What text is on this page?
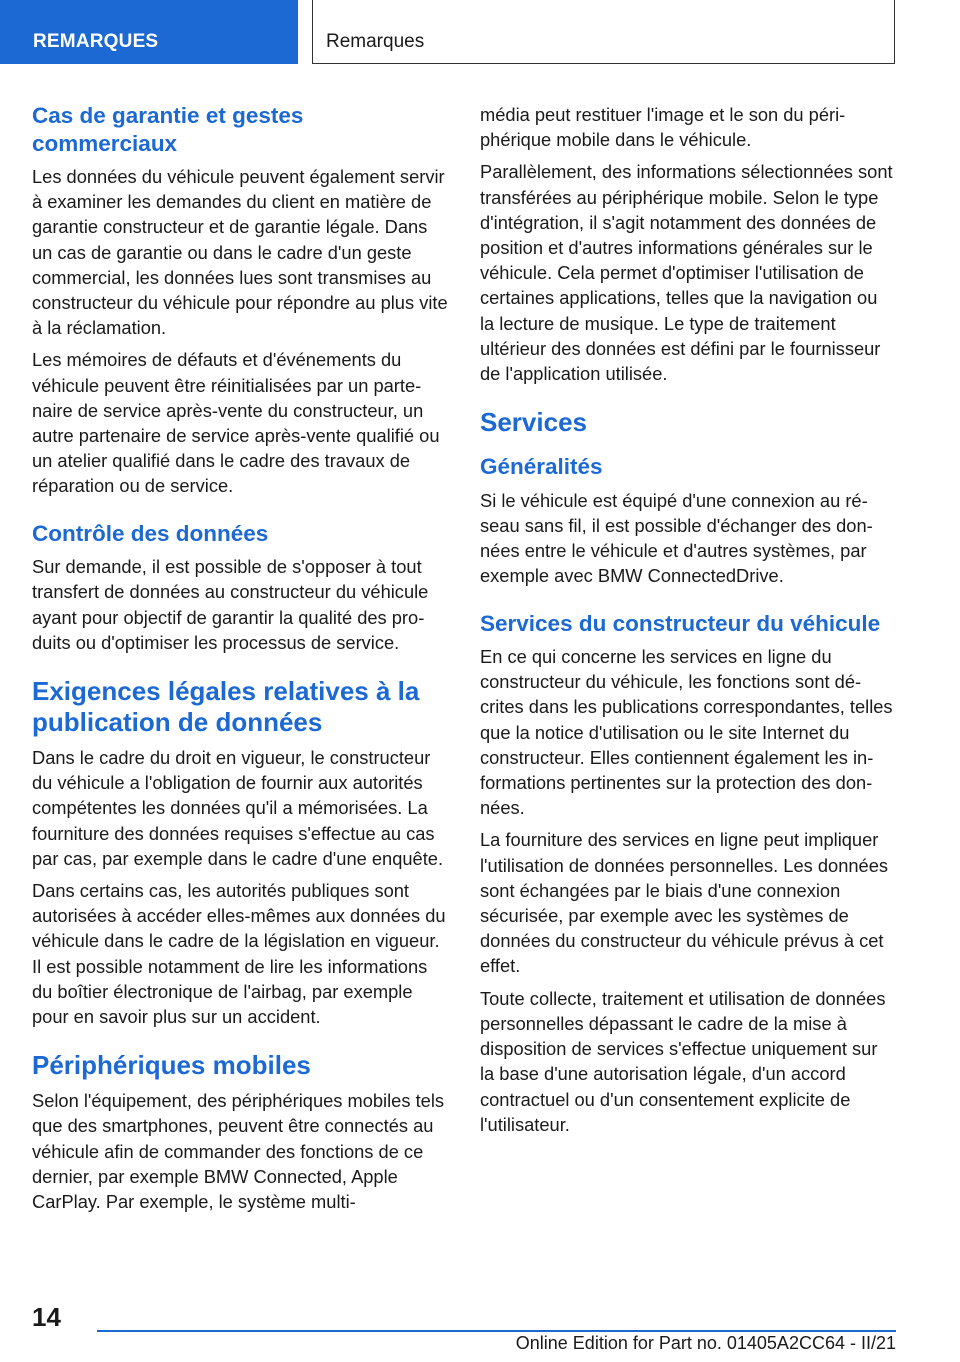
REMARQUES	Remarques
Cas de garantie et gestes commerciaux

Les données du véhicule peuvent également servir à examiner les demandes du client en matière de garantie constructeur et de garantie légale. Dans un cas de garantie ou dans le cadre d'un geste commercial, les données lues sont transmises au constructeur du véhicule pour répondre au plus vite à la réclamation.

Les mémoires de défauts et d'événements du véhicule peuvent être réinitialisées par un partenaire de service après-vente du constructeur, un autre partenaire de service après-vente qualifié ou un atelier qualifié dans le cadre des travaux de réparation ou de service.

Contrôle des données

Sur demande, il est possible de s'opposer à tout transfert de données au constructeur du véhicule ayant pour objectif de garantir la qualité des produits ou d'optimiser les processus de service.

Exigences légales relatives à la publication de données

Dans le cadre du droit en vigueur, le constructeur du véhicule a l'obligation de fournir aux autorités compétentes les données qu'il a mémorisées. La fourniture des données requises s'effectue au cas par cas, par exemple dans le cadre d'une enquête.

Dans certains cas, les autorités publiques sont autorisées à accéder elles-mêmes aux données du véhicule dans le cadre de la législation en vigueur. Il est possible notamment de lire les informations du boîtier électronique de l'airbag, par exemple pour en savoir plus sur un accident.

Périphériques mobiles

Selon l'équipement, des périphériques mobiles tels que des smartphones, peuvent être connectés au véhicule afin de commander des fonctions de ce dernier, par exemple BMW Connected, Apple CarPlay. Par exemple, le système multi-

média peut restituer l'image et le son du périphérique mobile dans le véhicule.

Parallèlement, des informations sélectionnées sont transférées au périphérique mobile. Selon le type d'intégration, il s'agit notamment des données de position et d'autres informations générales sur le véhicule. Cela permet d'optimiser l'utilisation de certaines applications, telles que la navigation ou la lecture de musique. Le type de traitement ultérieur des données est défini par le fournisseur de l'application utilisée.

Services
Généralités

Si le véhicule est équipé d'une connexion au réseau sans fil, il est possible d'échanger des données entre le véhicule et d'autres systèmes, par exemple avec BMW ConnectedDrive.

Services du constructeur du véhicule

En ce qui concerne les services en ligne du constructeur du véhicule, les fonctions sont décrites dans les publications correspondantes, telles que la notice d'utilisation ou le site Internet du constructeur. Elles contiennent également les informations pertinentes sur la protection des données.

La fourniture des services en ligne peut impliquer l'utilisation de données personnelles. Les données sont échangées par le biais d'une connexion sécurisée, par exemple avec les systèmes de données du constructeur du véhicule prévus à cet effet.

Toute collecte, traitement et utilisation de données personnelles dépassant le cadre de la mise à disposition de services s'effectue uniquement sur la base d'une autorisation légale, d'un accord contractuel ou d'un consentement explicite de l'utilisateur.

14
Online Edition for Part no. 01405A2CC64 - II/21
